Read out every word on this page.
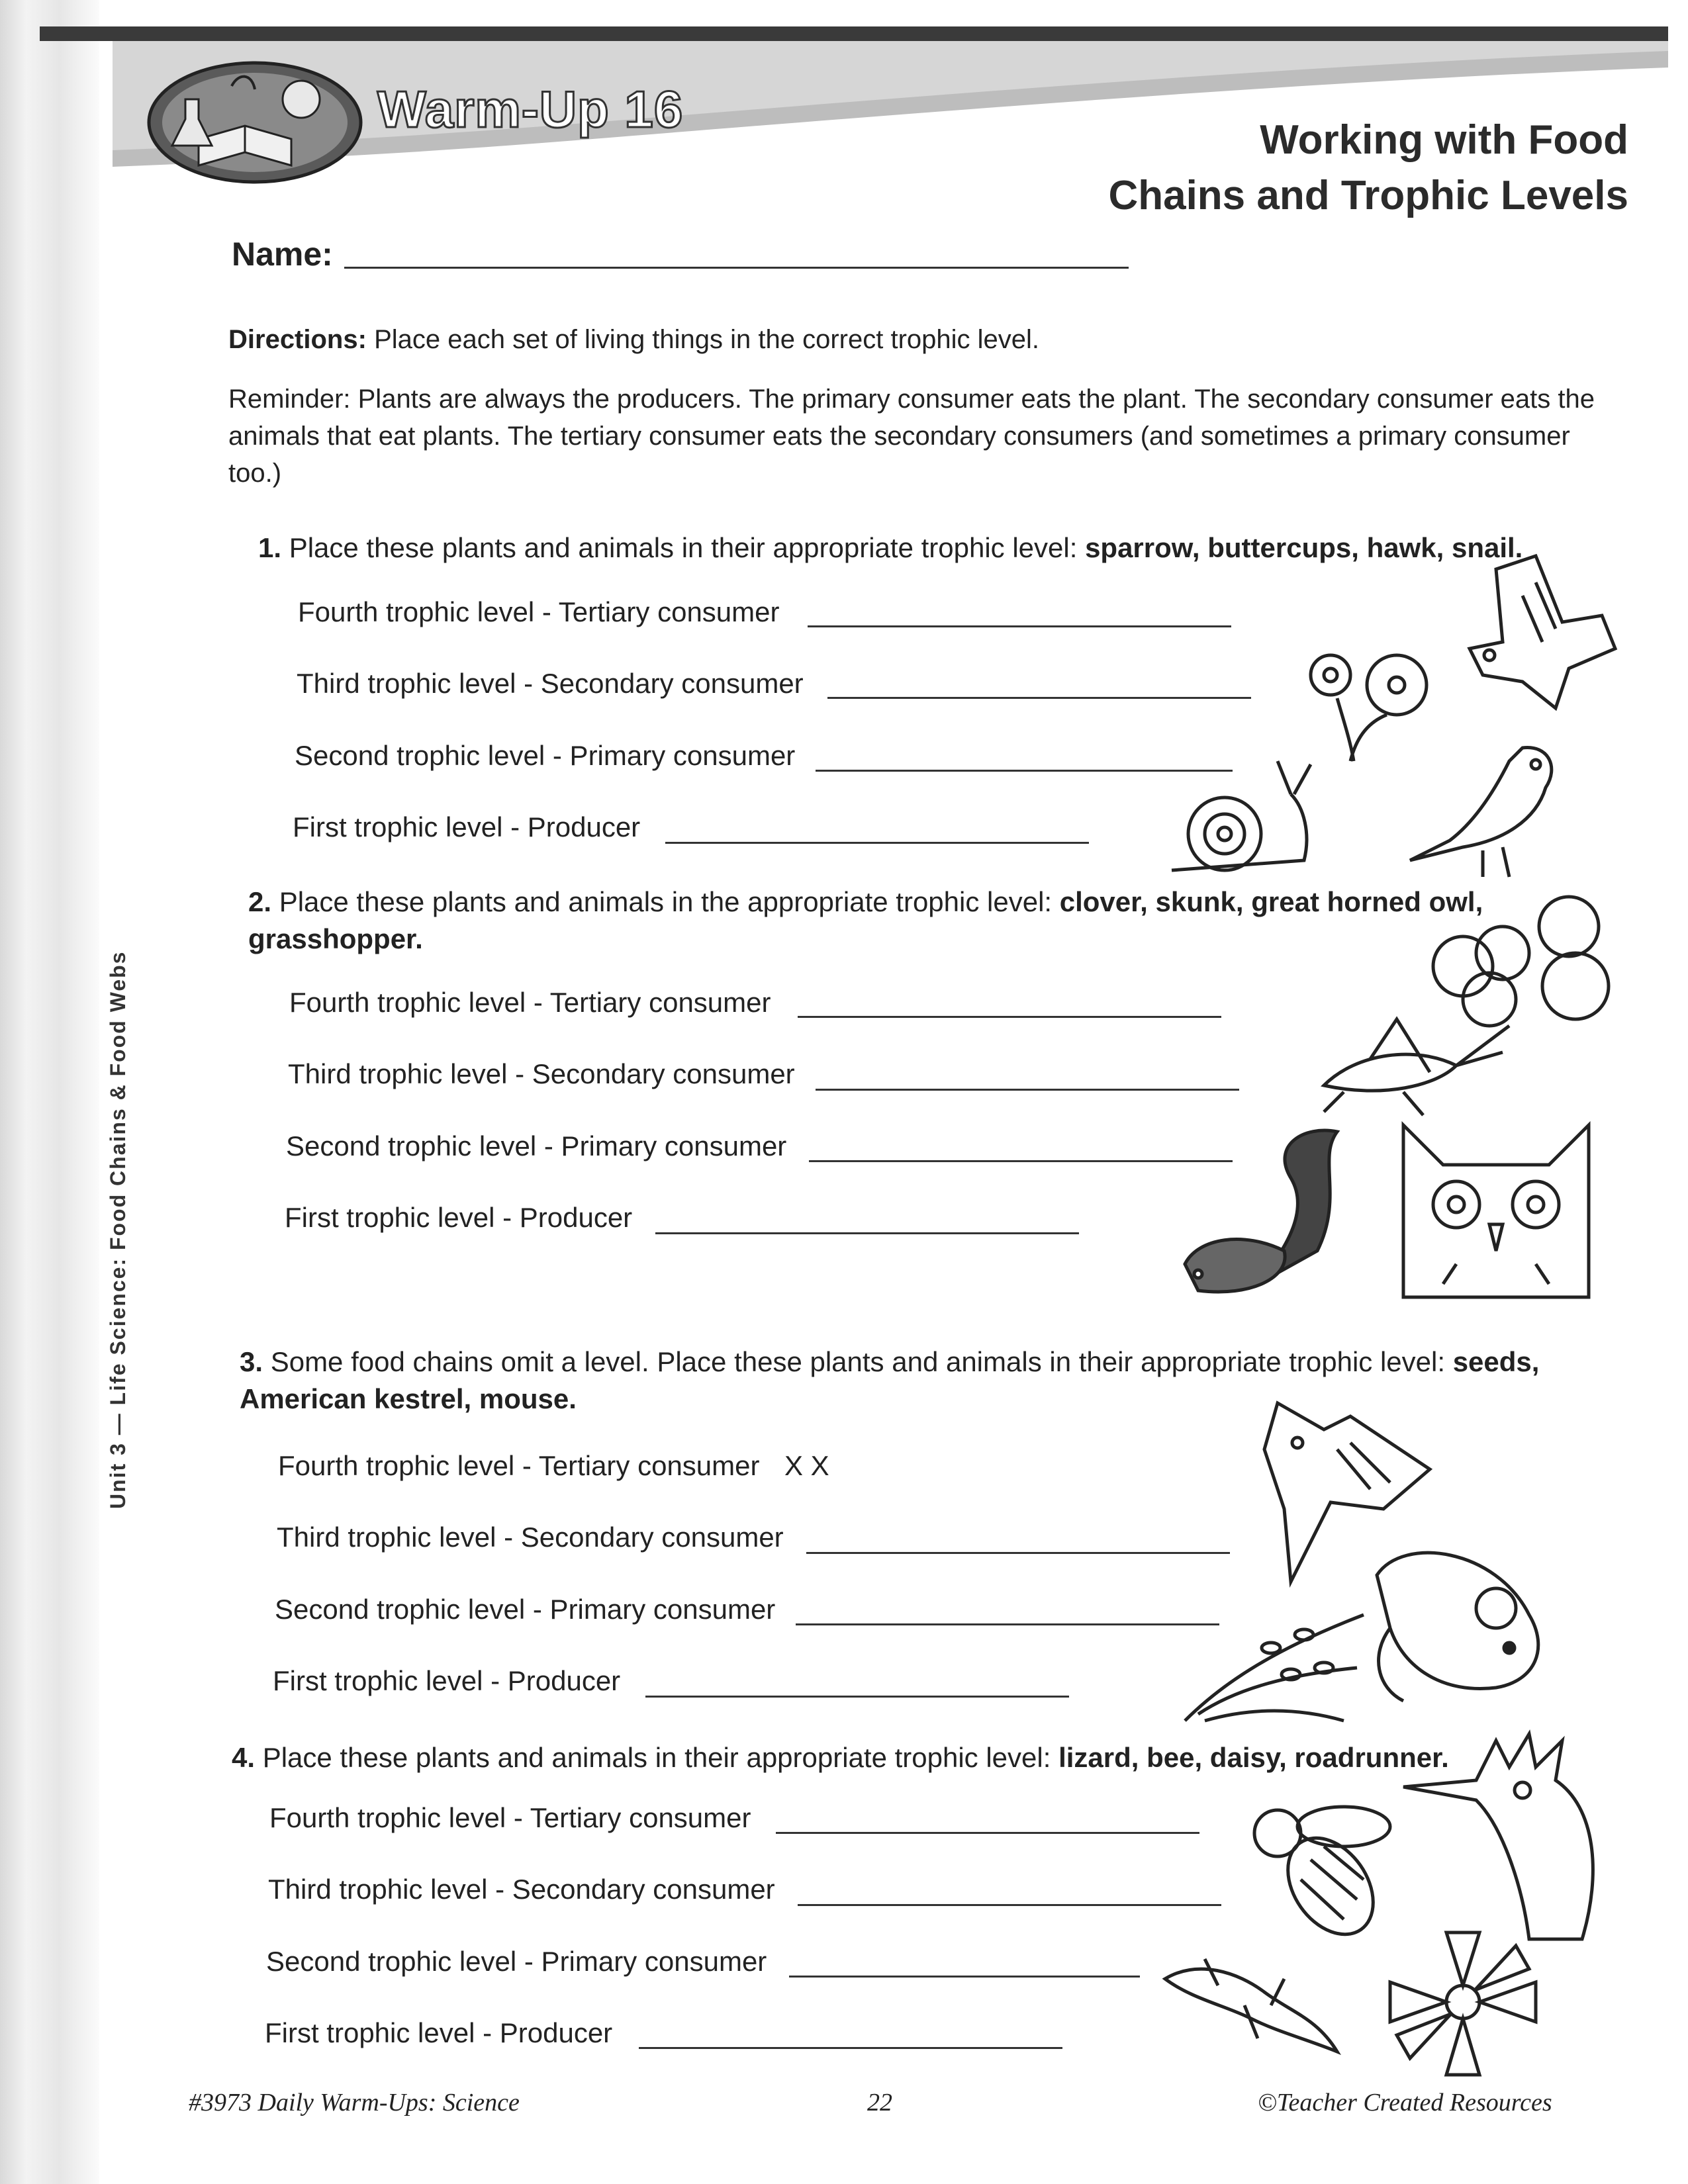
Warm-Up 16
Working with Food
Chains and Trophic Levels
Name:
Directions: Place each set of living things in the correct trophic level.
Reminder: Plants are always the producers. The primary consumer eats the plant. The secondary consumer eats the animals that eat plants. The tertiary consumer eats the secondary consumers (and sometimes a primary consumer too.)
1. Place these plants and animals in their appropriate trophic level: sparrow, buttercups, hawk, snail.
Fourth trophic level - Tertiary consumer
Third trophic level - Secondary consumer
Second trophic level - Primary consumer
First trophic level - Producer
2. Place these plants and animals in the appropriate trophic level: clover, skunk, great horned owl, grasshopper.
Fourth trophic level - Tertiary consumer
Third trophic level - Secondary consumer
Second trophic level - Primary consumer
First trophic level - Producer
3. Some food chains omit a level. Place these plants and animals in their appropriate trophic level: seeds, American kestrel, mouse.
Fourth trophic level - Tertiary consumer X X
Third trophic level - Secondary consumer
Second trophic level - Primary consumer
First trophic level - Producer
4. Place these plants and animals in their appropriate trophic level: lizard, bee, daisy, roadrunner.
Fourth trophic level - Tertiary consumer
Third trophic level - Secondary consumer
Second trophic level - Primary consumer
First trophic level - Producer
Unit 3 — Life Science: Food Chains & Food Webs
#3973 Daily Warm-Ups: Science	22	©Teacher Created Resources
